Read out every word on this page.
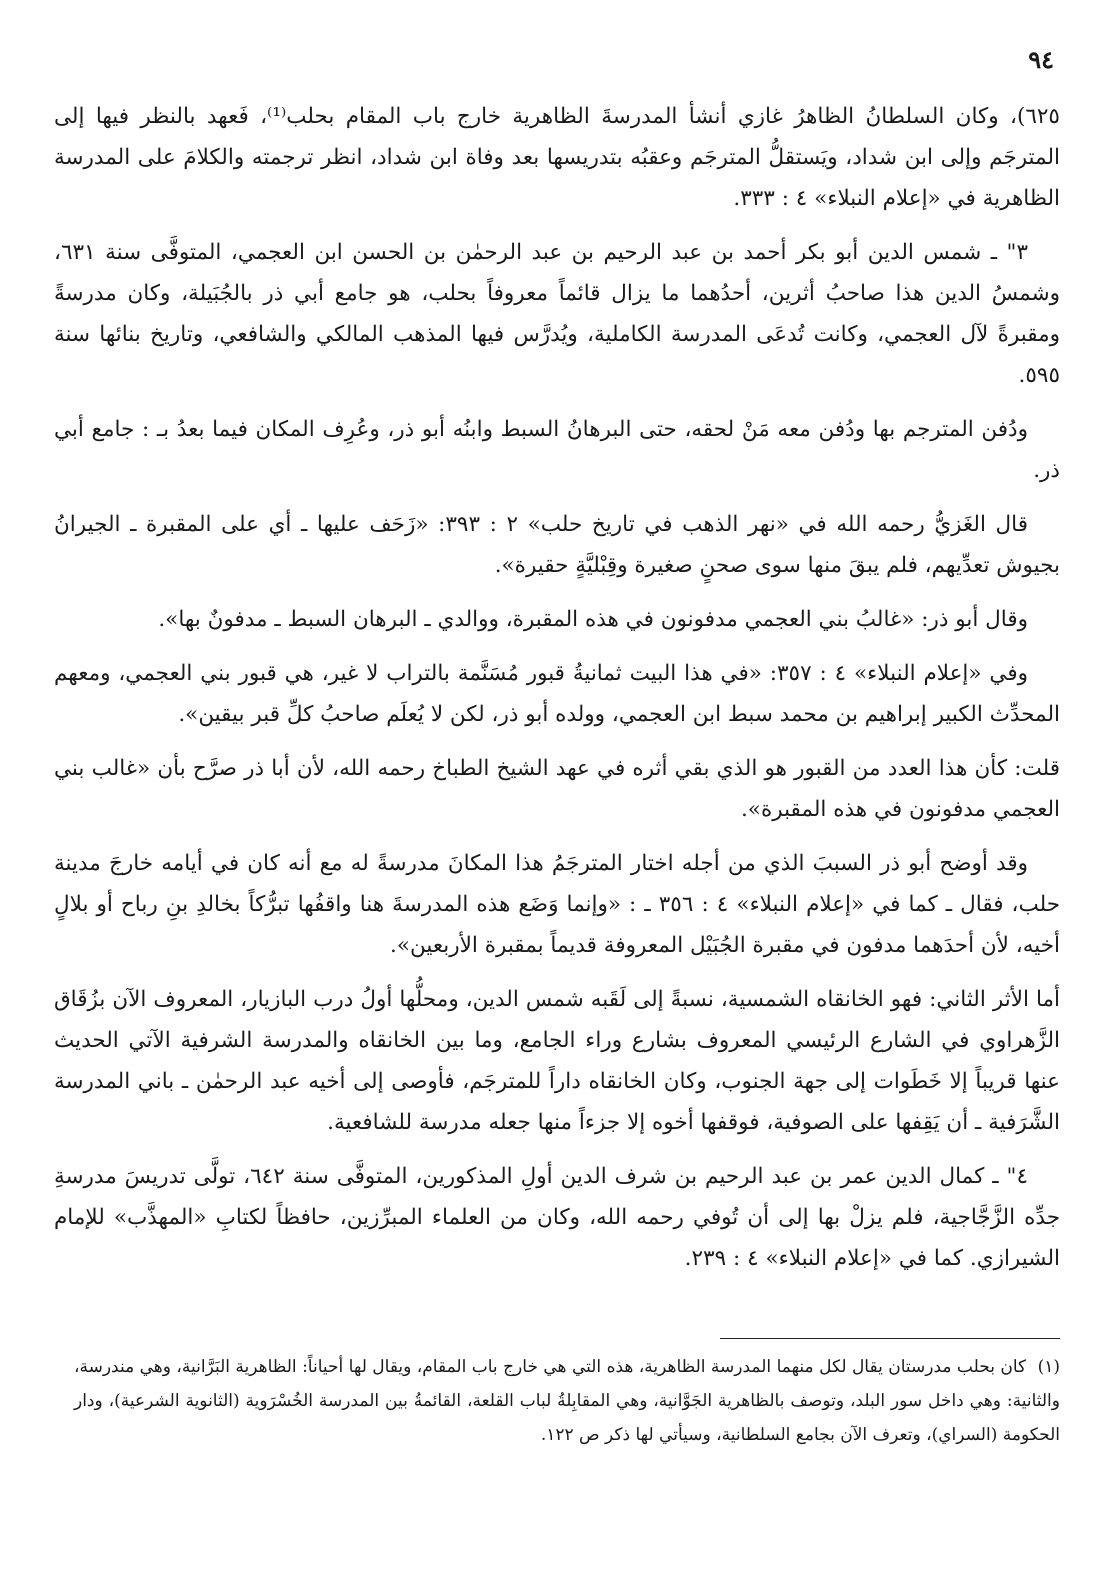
٩٤

٦٢٥)، وكان السلطانُ الظاهرُ غازي أنشأ المدرسةَ الظاهرية خارج باب المقام بحلب⁽¹⁾، فَعهد بالنظر فيها إلى المترجَم وإلى ابن شداد، ويَستقلُّ المترجَم وعقبُه بتدريسها بعد وفاة ابن شداد، انظر ترجمته والكلامَ على المدرسة الظاهرية في «إعلام النبلاء» ٤ : ٣٣٣.

٣" ـ شمس الدين أبو بكر أحمد بن عبد الرحيم بن عبد الرحمٰن بن الحسن ابن العجمي، المتوفَّى سنة ٦٣١، وشمسُ الدين هذا صاحبُ أثرين، أحدُهما ما يزال قائماً معروفاً بحلب، هو جامع أبي ذر بالجُبَيلة، وكان مدرسةً ومقبرةً لآل العجمي، وكانت تُدعَى المدرسة الكاملية، ويُدرَّس فيها المذهب المالكي والشافعي، وتاريخ بنائها سنة ٥٩٥.

ودُفن المترجم بها ودُفن معه مَنْ لحقه، حتى البرهانُ السبط وابنُه أبو ذر، وعُرِف المكان فيما بعدُ بـ : جامع أبي ذر.

قال الغَزيُّ رحمه الله في «نهر الذهب في تاريخ حلب» ٢ : ٣٩٣: «زَحَف عليها ـ أي على المقبرة ـ الجيرانُ بجيوش تعدِّيهم، فلم يبقَ منها سوى صحنٍ صغيرة وقِبْليَّةٍ حقيرة».

وقال أبو ذر: «غالبُ بني العجمي مدفونون في هذه المقبرة، ووالدي ـ البرهان السبط ـ مدفونٌ بها».

وفي «إعلام النبلاء» ٤ : ٣٥٧: «في هذا البيت ثمانيةُ قبور مُسَنَّمة بالتراب لا غير، هي قبور بني العجمي، ومعهم المحدِّث الكبير إبراهيم بن محمد سبط ابن العجمي، وولده أبو ذر، لكن لا يُعلَم صاحبُ كلِّ قبر بيقين».

قلت: كأن هذا العدد من القبور هو الذي بقي أثره في عهد الشيخ الطباخ رحمه الله، لأن أبا ذر صرَّح بأن «غالب بني العجمي مدفونون في هذه المقبرة».

وقد أوضح أبو ذر السببَ الذي من أجله اختار المترجَمُ هذا المكانَ مدرسةً له مع أنه كان في أيامه خارجَ مدينة حلب، فقال ـ كما في «إعلام النبلاء» ٤ : ٣٥٦ ـ : «وإنما وَضَع هذه المدرسةَ هنا واقفُها تبرُّكاً بخالدِ بنِ رباح أو بلالٍ أخيه، لأن أحدَهما مدفون في مقبرة الجُبَيْل المعروفة قديماً بمقبرة الأربعين».

أما الأثر الثاني: فهو الخانقاه الشمسية، نسبةً إلى لَقَبه شمس الدين، ومحلُّها أولُ درب البازيار، المعروف الآن بزُقَاق الزَّهراوي في الشارع الرئيسي المعروف بشارع وراء الجامع، وما بين الخانقاه والمدرسة الشرفية الآتي الحديث عنها قريباً إلا خَطَوات إلى جهة الجنوب، وكان الخانقاه داراً للمترجَم، فأوصى إلى أخيه عبد الرحمٰن ـ باني المدرسة الشَّرَفية ـ أن يَقِفها على الصوفية، فوقفها أخوه إلا جزءاً منها جعله مدرسة للشافعية.

٤" ـ كمال الدين عمر بن عبد الرحيم بن شرف الدين أولِ المذكورين، المتوفَّى سنة ٦٤٢، تولَّى تدريسَ مدرسةِ جدِّه الزَّجَّاجية، فلم يزلْ بها إلى أن تُوفي رحمه الله، وكان من العلماء المبرِّزين، حافظاً لكتابِ «المهذَّب» للإمام الشيرازي. كما في «إعلام النبلاء» ٤ : ٢٣٩.

(١) كان بحلب مدرستان يقال لكل منهما المدرسة الظاهرية، هذه التي هي خارج باب المقام، ويقال لها أحياناً: الظاهرية البَرَّانية، وهي مندرسة، والثانية: وهي داخل سور البلد، وتوصف بالظاهرية الجَوَّانية، وهي المقابِلةُ لباب القلعة، القائمةُ بين المدرسة الخُسْرَوية (الثانوية الشرعية)، ودار الحكومة (السراي)، وتعرف الآن بجامع السلطانية، وسيأتي لها ذكر ص ١٢٢.
